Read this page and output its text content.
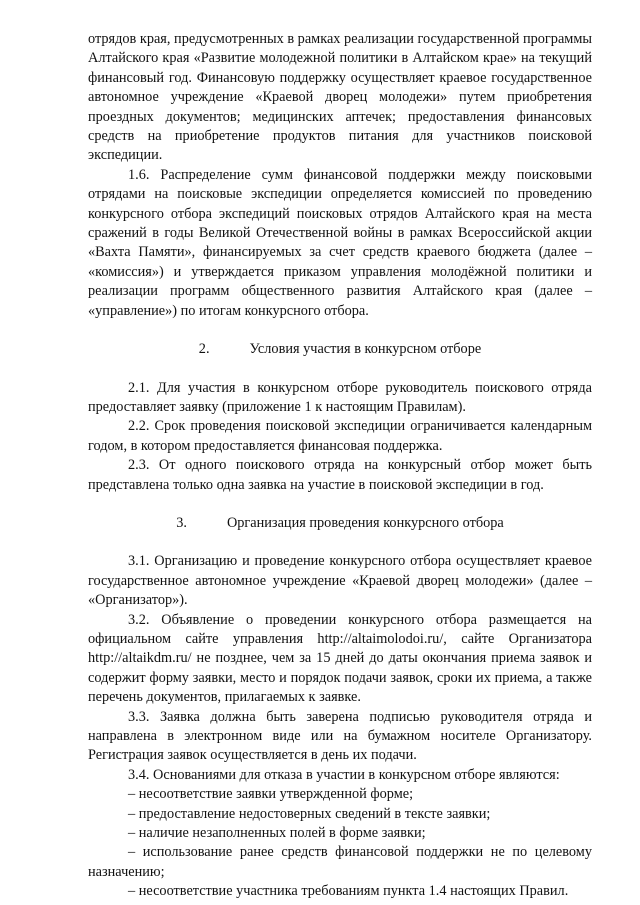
отрядов края, предусмотренных в рамках реализации государственной программы Алтайского края «Развитие молодежной политики в Алтайском крае» на текущий финансовый год. Финансовую поддержку осуществляет краевое государственное автономное учреждение «Краевой дворец молодежи» путем приобретения проездных документов; медицинских аптечек; предоставления финансовых средств на приобретение продуктов питания для участников поисковой экспедиции.

1.6. Распределение сумм финансовой поддержки между поисковыми отрядами на поисковые экспедиции определяется комиссией по проведению конкурсного отбора экспедиций поисковых отрядов Алтайского края на места сражений в годы Великой Отечественной войны в рамках Всероссийской акции «Вахта Памяти», финансируемых за счет средств краевого бюджета (далее – «комиссия») и утверждается приказом управления молодёжной политики и реализации программ общественного развития Алтайского края (далее – «управление») по итогам конкурсного отбора.

2.	Условия участия в конкурсном отборе

2.1. Для участия в конкурсном отборе руководитель поискового отряда предоставляет заявку (приложение 1 к настоящим Правилам).

2.2. Срок проведения поисковой экспедиции ограничивается календарным годом, в котором предоставляется финансовая поддержка.

2.3. От одного поискового отряда на конкурсный отбор может быть представлена только одна заявка на участие в поисковой экспедиции в год.

3.	Организация проведения конкурсного отбора

3.1. Организацию и проведение конкурсного отбора осуществляет краевое государственное автономное учреждение «Краевой дворец молодежи» (далее – «Организатор»).

3.2. Объявление о проведении конкурсного отбора размещается на официальном сайте управления http://altaimolodoi.ru/, сайте Организатора http://altaikdm.ru/ не позднее, чем за 15 дней до даты окончания приема заявок и содержит форму заявки, место и порядок подачи заявок, сроки их приема, а также перечень документов, прилагаемых к заявке.

3.3. Заявка должна быть заверена подписью руководителя отряда и направлена в электронном виде или на бумажном носителе Организатору. Регистрация заявок осуществляется в день их подачи.

3.4. Основаниями для отказа в участии в конкурсном отборе являются:

– несоответствие заявки утвержденной форме;

– предоставление недостоверных сведений в тексте заявки;

– наличие незаполненных полей в форме заявки;

– использование ранее средств финансовой поддержки не по целевому назначению;

– несоответствие участника требованиям пункта 1.4 настоящих Правил.
